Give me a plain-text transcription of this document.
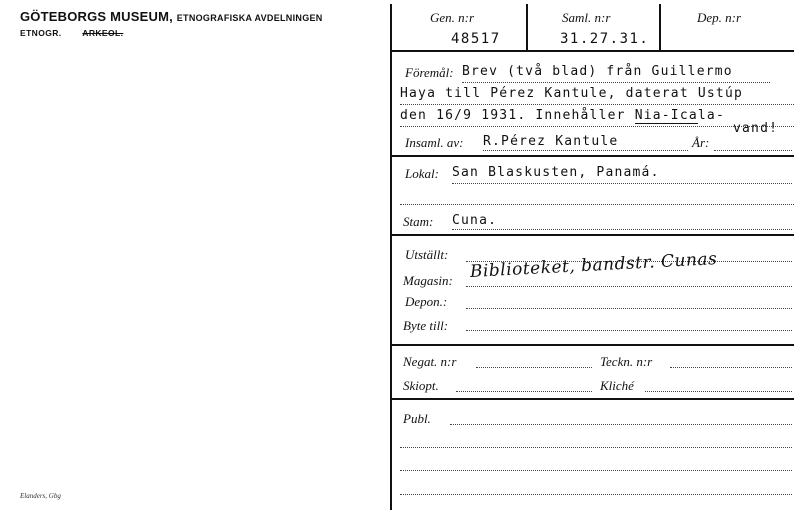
GÖTEBORGS MUSEUM, ETNOGRAFISKA AVDELNINGEN
ETNOGR. ARKEOL.
Elanders, Gbg
Gen. n:r	Saml. n:r	Dep. n:r
48517	31.27.31.
Föremål: Brev (två blad) från Guillermo
Haya till Pérez Kantule, daterat Ustúp
den 16/9 1931. Innehåller Nia-Icala-
vand!
Insaml. av: R.Pérez Kantule	År:
Lokal: San Blaskusten, Panamá.
Stam: Cuna.
Utställt:
Magasin: Biblioteket, bandstr. Cunas
Depon.:
Byte till:
Negat. n:r	Teckn. n:r
Skiopt.	Kliché
Publ.
